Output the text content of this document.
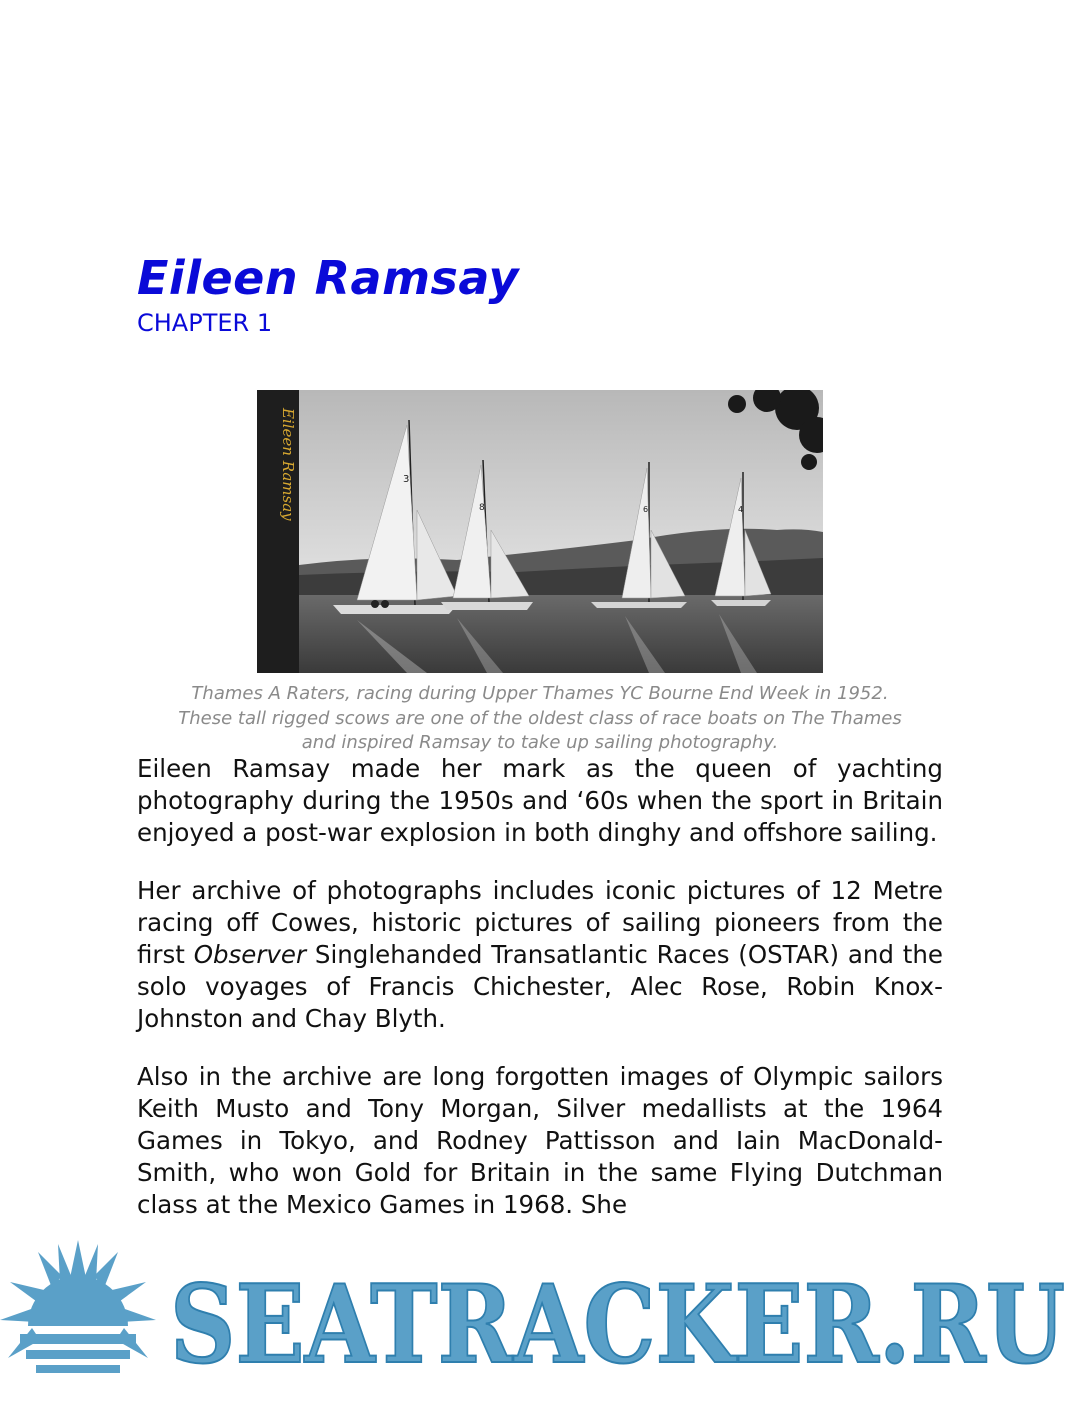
Eileen Ramsay
CHAPTER 1
Eileen Ramsay	3
8	6	4
Thames A Raters, racing during Upper Thames YC Bourne End Week in 1952.
These tall rigged scows are one of the oldest class of race boats on The Thames
and inspired Ramsay to take up sailing photography.

Eileen Ramsay made her mark as the queen of yachting photography during the 1950s and ‘60s when the sport in Britain enjoyed a post-war explosion in both dinghy and offshore sailing.

Her archive of photographs includes iconic pictures of 12 Metre racing off Cowes, historic pictures of sailing pioneers from the first Observer Singlehanded Transatlantic Races (OSTAR) and the solo voyages of Francis Chichester, Alec Rose, Robin Knox-Johnston and Chay Blyth.

Also in the archive are long forgotten images of Olympic sailors Keith Musto and Tony Morgan, Silver medallists at the 1964 Games in Tokyo, and Rodney Pattisson and Iain MacDonald-Smith, who won Gold for Britain in the same Flying Dutchman class at the Mexico Games in 1968. She

SEATRACKER.RU
